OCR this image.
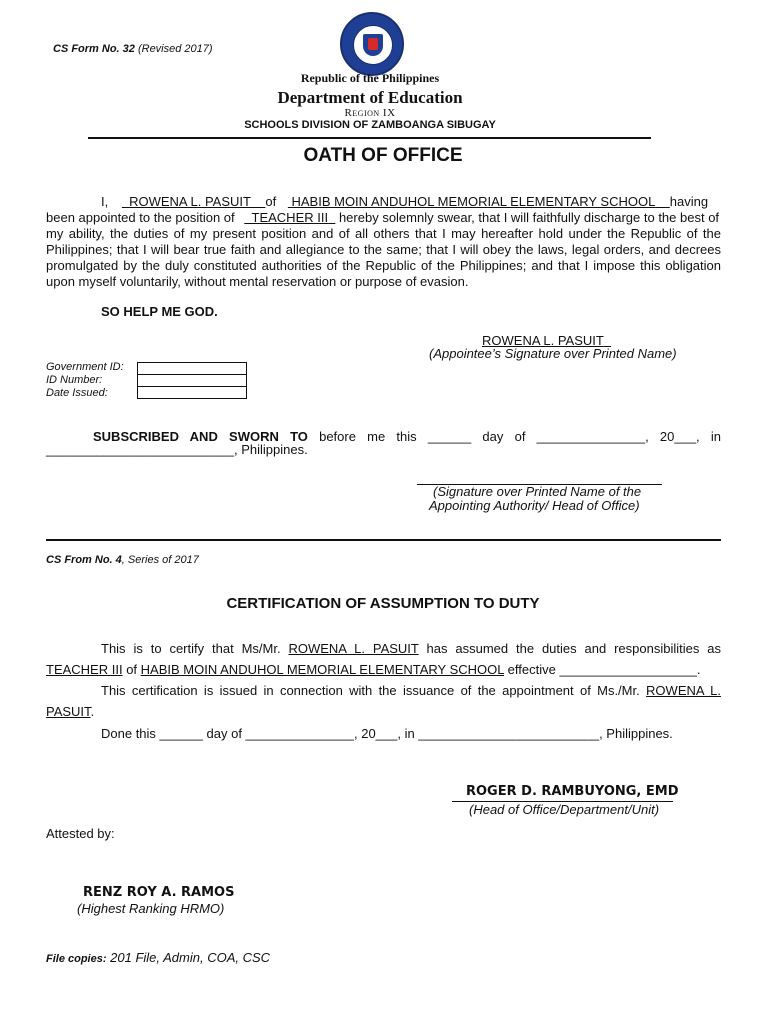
CS Form No. 32 (Revised 2017)
Republic of the Philippines
Department of Education
Region IX
SCHOOLS DIVISION OF ZAMBOANGA SIBUGAY
OATH OF OFFICE
I, ROWENA L. PASUIT of HABIB MOIN ANDUHOL MEMORIAL ELEMENTARY SCHOOL having
been appointed to the position of TEACHER III hereby solemnly swear, that I will faithfully discharge to the best of
my ability, the duties of my present position and of all others that I may hereafter hold under the Republic of the
Philippines; that I will bear true faith and allegiance to the same; that I will obey the laws, legal orders, and decrees
promulgated by the duly constituted authorities of the Republic of the Philippines; and that I impose this obligation
upon myself voluntarily, without mental reservation or purpose of evasion.
SO HELP ME GOD.
ROWENA L. PASUIT
(Appointee’s Signature over Printed Name)
Government ID:
ID Number:
Date Issued:

SUBSCRIBED AND SWORN TO before me this ______ day of _______________, 20___, in
__________________________, Philippines.
(Signature over Printed Name of the
Appointing Authority/ Head of Office)
CS From No. 4, Series of 2017
CERTIFICATION OF ASSUMPTION TO DUTY
This is to certify that Ms/Mr. ROWENA L. PASUIT has assumed the duties and responsibilities as
TEACHER III of HABIB MOIN ANDUHOL MEMORIAL ELEMENTARY SCHOOL effective ___________________.
This certification is issued in connection with the issuance of the appointment of Ms./Mr. ROWENA L.
PASUIT.
Done this ______ day of _______________, 20___, in _________________________, Philippines.
ROGER D. RAMBUYONG, EMD
(Head of Office/Department/Unit)
Attested by:
RENZ ROY A. RAMOS
(Highest Ranking HRMO)
File copies: 201 File, Admin, COA, CSC
